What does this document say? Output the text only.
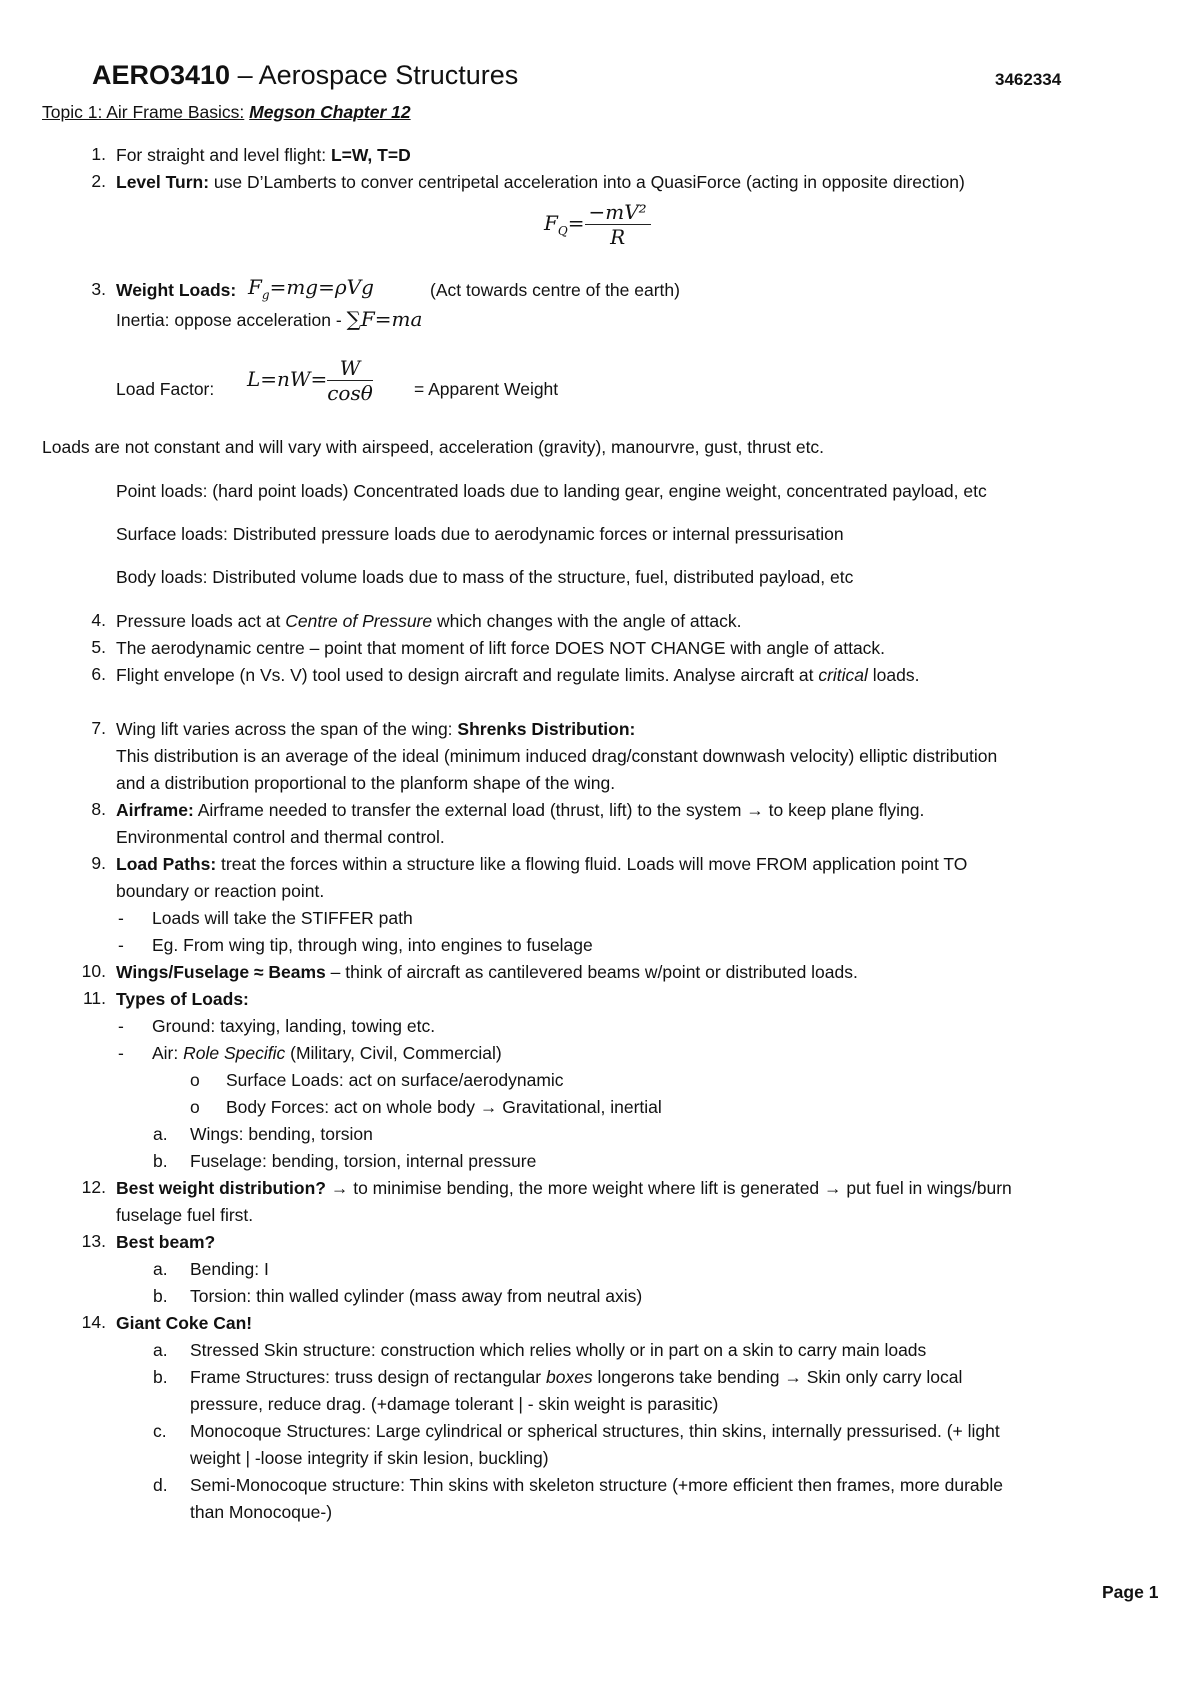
AERO3410 – Aerospace Structures	3462334
Topic 1: Air Frame Basics: Megson Chapter 12
1. For straight and level flight: L=W, T=D
2. Level Turn: use D’Lamberts to conver centripetal acceleration into a QuasiForce (acting in opposite direction)
$F_Q= \frac{\text{−mV²}}{R}$
3. Weight Loads: $F_g=mg=\rho Vg$	(Act towards centre of the earth)
Inertia: oppose acceleration - ∑F=ma
Load Factor: $L=nW= \frac{W}{\cos\theta}$ = Apparent Weight
Loads are not constant and will vary with airspeed, acceleration (gravity), manourvre, gust, thrust etc.
Point loads: (hard point loads) Concentrated loads due to landing gear, engine weight, concentrated payload, etc
Surface loads: Distributed pressure loads due to aerodynamic forces or internal pressurisation
Body loads: Distributed volume loads due to mass of the structure, fuel, distributed payload, etc
4. Pressure loads act at Centre of Pressure which changes with the angle of attack.
5. The aerodynamic centre – point that moment of lift force DOES NOT CHANGE with angle of attack.
6. Flight envelope (n Vs. V) tool used to design aircraft and regulate limits. Analyse aircraft at critical loads.
7. Wing lift varies across the span of the wing: Shrenks Distribution:
This distribution is an average of the ideal (minimum induced drag/constant downwash velocity) elliptic distribution
and a distribution proportional to the planform shape of the wing.
8. Airframe: Airframe needed to transfer the external load (thrust, lift) to the system → to keep plane flying.
Environmental control and thermal control.
9. Load Paths: treat the forces within a structure like a flowing fluid. Loads will move FROM application point TO
boundary or reaction point.
- Loads will take the STIFFER path
- Eg. From wing tip, through wing, into engines to fuselage
10. Wings/Fuselage ≈ Beams – think of aircraft as cantilevered beams w/point or distributed loads.
11. Types of Loads:
- Ground: taxying, landing, towing etc.
- Air: Role Specific (Military, Civil, Commercial)
o Surface Loads: act on surface/aerodynamic
o Body Forces: act on whole body → Gravitational, inertial
a. Wings: bending, torsion
b. Fuselage: bending, torsion, internal pressure
12. Best weight distribution? → to minimise bending, the more weight where lift is generated → put fuel in wings/burn
fuselage fuel first.
13. Best beam?
a. Bending: I
b. Torsion: thin walled cylinder (mass away from neutral axis)
14. Giant Coke Can!
a. Stressed Skin structure: construction which relies wholly or in part on a skin to carry main loads
b. Frame Structures: truss design of rectangular boxes longerons take bending → Skin only carry local
pressure, reduce drag. (+damage tolerant | - skin weight is parasitic)
c. Monocoque Structures: Large cylindrical or spherical structures, thin skins, internally pressurised. (+ light
weight | -loose integrity if skin lesion, buckling)
d. Semi-Monocoque structure: Thin skins with skeleton structure (+more efficient then frames, more durable
than Monocoque-)
Page 1
